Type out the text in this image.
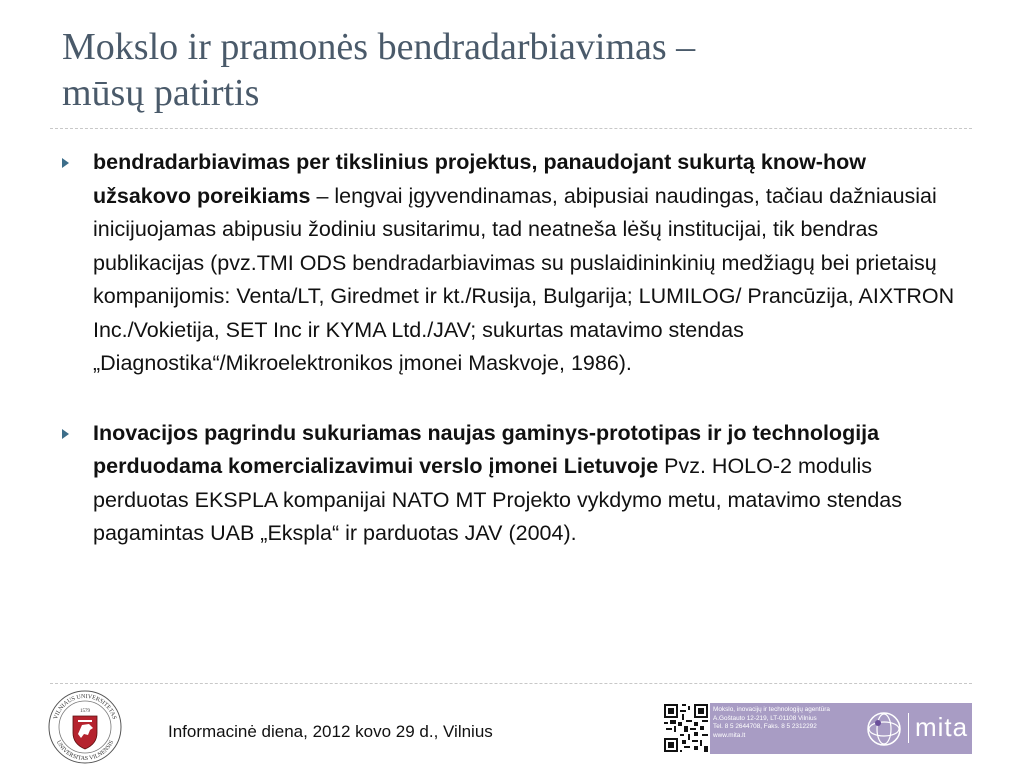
Mokslo ir pramonės bendradarbiavimas –
mūsų patirtis
bendradarbiavimas per tikslinius projektus, panaudojant sukurtą know-how užsakovo poreikiams – lengvai įgyvendinamas, abipusiai naudingas, tačiau dažniausiai inicijuojamas abipusiu žodiniu susitarimu, tad neatneša lėšų institucijai, tik bendras publikacijas (pvz.TMI ODS bendradarbiavimas su puslaidininkinių medžiagų bei prietaisų kompanijomis: Venta/LT, Giredmet ir kt./Rusija, Bulgarija; LUMILOG/ Prancūzija, AIXTRON Inc./Vokietija, SET Inc ir KYMA Ltd./JAV; sukurtas matavimo stendas „Diagnostika“/Mikroelektronikos įmonei Maskvoje, 1986).
Inovacijos pagrindu sukuriamas naujas gaminys-prototipas ir jo technologija perduodama komercializavimui verslo įmonei Lietuvoje Pvz. HOLO-2 modulis perduotas EKSPLA kompanijai NATO MT Projekto vykdymo metu, matavimo stendas pagamintas UAB „Ekspla“ ir parduotas JAV (2004).
VILNIAUS UNIVERSITETAS
UNIVERSITAS VILNENSIS
1579
Informacinė diena, 2012 kovo 29 d., Vilnius
Mokslo, inovacijų ir technologijų agentūra
A.Goštauto 12-219, LT-01108 Vilnius
Tel. 8 5 2644708, Faks. 8 5 2312292
www.mita.lt	mita
